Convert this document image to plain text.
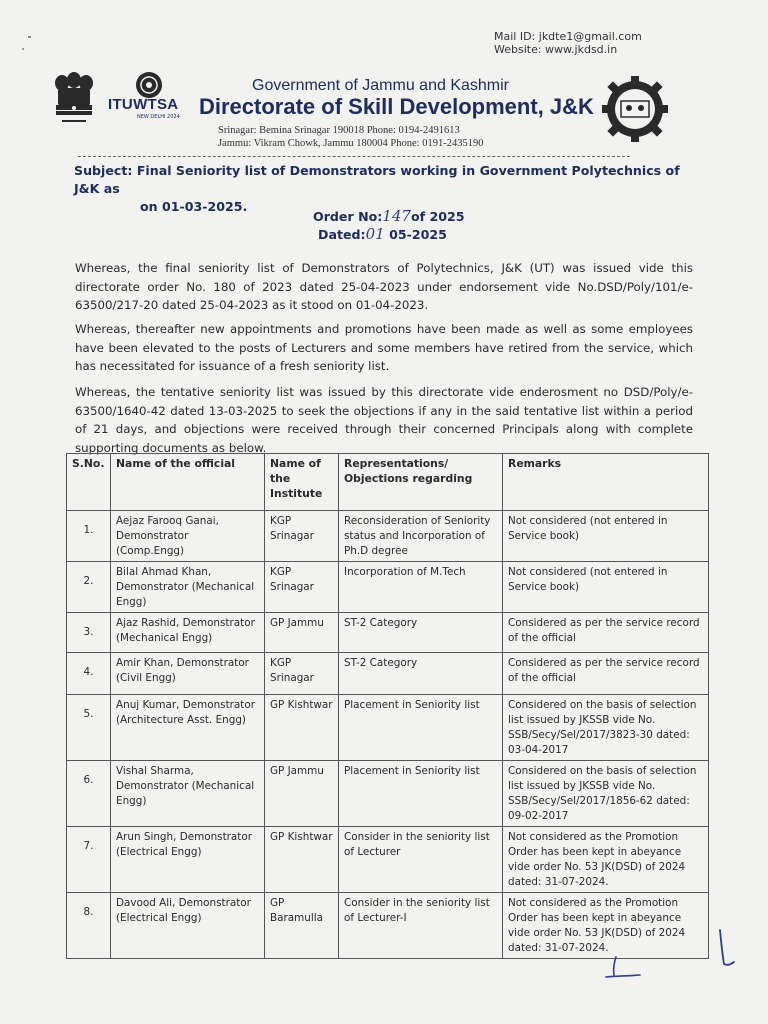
Mail ID: jkdte1@gmail.com
Website: www.jkdsd.in
ITUWTSA
NEW DELHI 2024
Government of Jammu and Kashmir
Directorate of Skill Development, J&K
Srinagar: Bemina Srinagar 190018 Phone: 0194-2491613
Jammu: Vikram Chowk, Jammu 180004 Phone: 0191-2435190
Subject: Final Seniority list of Demonstrators working in Government Polytechnics of J&K as
on 01-03-2025.
Order No:147of 2025
Dated:01 05-2025
Whereas, the final seniority list of Demonstrators of Polytechnics, J&K (UT) was issued vide this directorate order No. 180 of 2023 dated 25-04-2023 under endorsement vide No.DSD/Poly/101/e-63500/217-20 dated 25-04-2023 as it stood on 01-04-2023.
Whereas, thereafter new appointments and promotions have been made as well as some employees have been elevated to the posts of Lecturers and some members have retired from the service, which has necessitated for issuance of a fresh seniority list.
Whereas, the tentative seniority list was issued by this directorate vide enderosment no DSD/Poly/e-63500/1640-42 dated 13-03-2025 to seek the objections if any in the said tentative list within a period of 21 days, and objections were received through their concerned Principals along with complete supporting documents as below.
S.No.	Name of the official	Name of the Institute	Representations/ Objections regarding	Remarks
1.	Aejaz Farooq Ganai, Demonstrator (Comp.Engg)	KGP Srinagar	Reconsideration of Seniority status and Incorporation of Ph.D degree	Not considered (not entered in Service book)
2.	Bilal Ahmad Khan, Demonstrator (Mechanical Engg)	KGP Srinagar	Incorporation of M.Tech	Not considered (not entered in Service book)
3.	Ajaz Rashid, Demonstrator (Mechanical Engg)	GP Jammu	ST-2 Category	Considered as per the service record of the official
4.	Amir Khan, Demonstrator (Civil Engg)	KGP Srinagar	ST-2 Category	Considered as per the service record of the official
5.	Anuj Kumar, Demonstrator (Architecture Asst. Engg)	GP Kishtwar	Placement in Seniority list	Considered on the basis of selection list issued by JKSSB vide No. SSB/Secy/Sel/2017/3823-30 dated: 03-04-2017
6.	Vishal Sharma, Demonstrator (Mechanical Engg)	GP Jammu	Placement in Seniority list	Considered on the basis of selection list issued by JKSSB vide No. SSB/Secy/Sel/2017/1856-62 dated: 09-02-2017
7.	Arun Singh, Demonstrator (Electrical Engg)	GP Kishtwar	Consider in the seniority list of Lecturer	Not considered as the Promotion Order has been kept in abeyance vide order No. 53 JK(DSD) of 2024 dated: 31-07-2024.
8.	Davood Ali, Demonstrator (Electrical Engg)	GP Baramulla	Consider in the seniority list of Lecturer-I	Not considered as the Promotion Order has been kept in abeyance vide order No. 53 JK(DSD) of 2024 dated: 31-07-2024.
